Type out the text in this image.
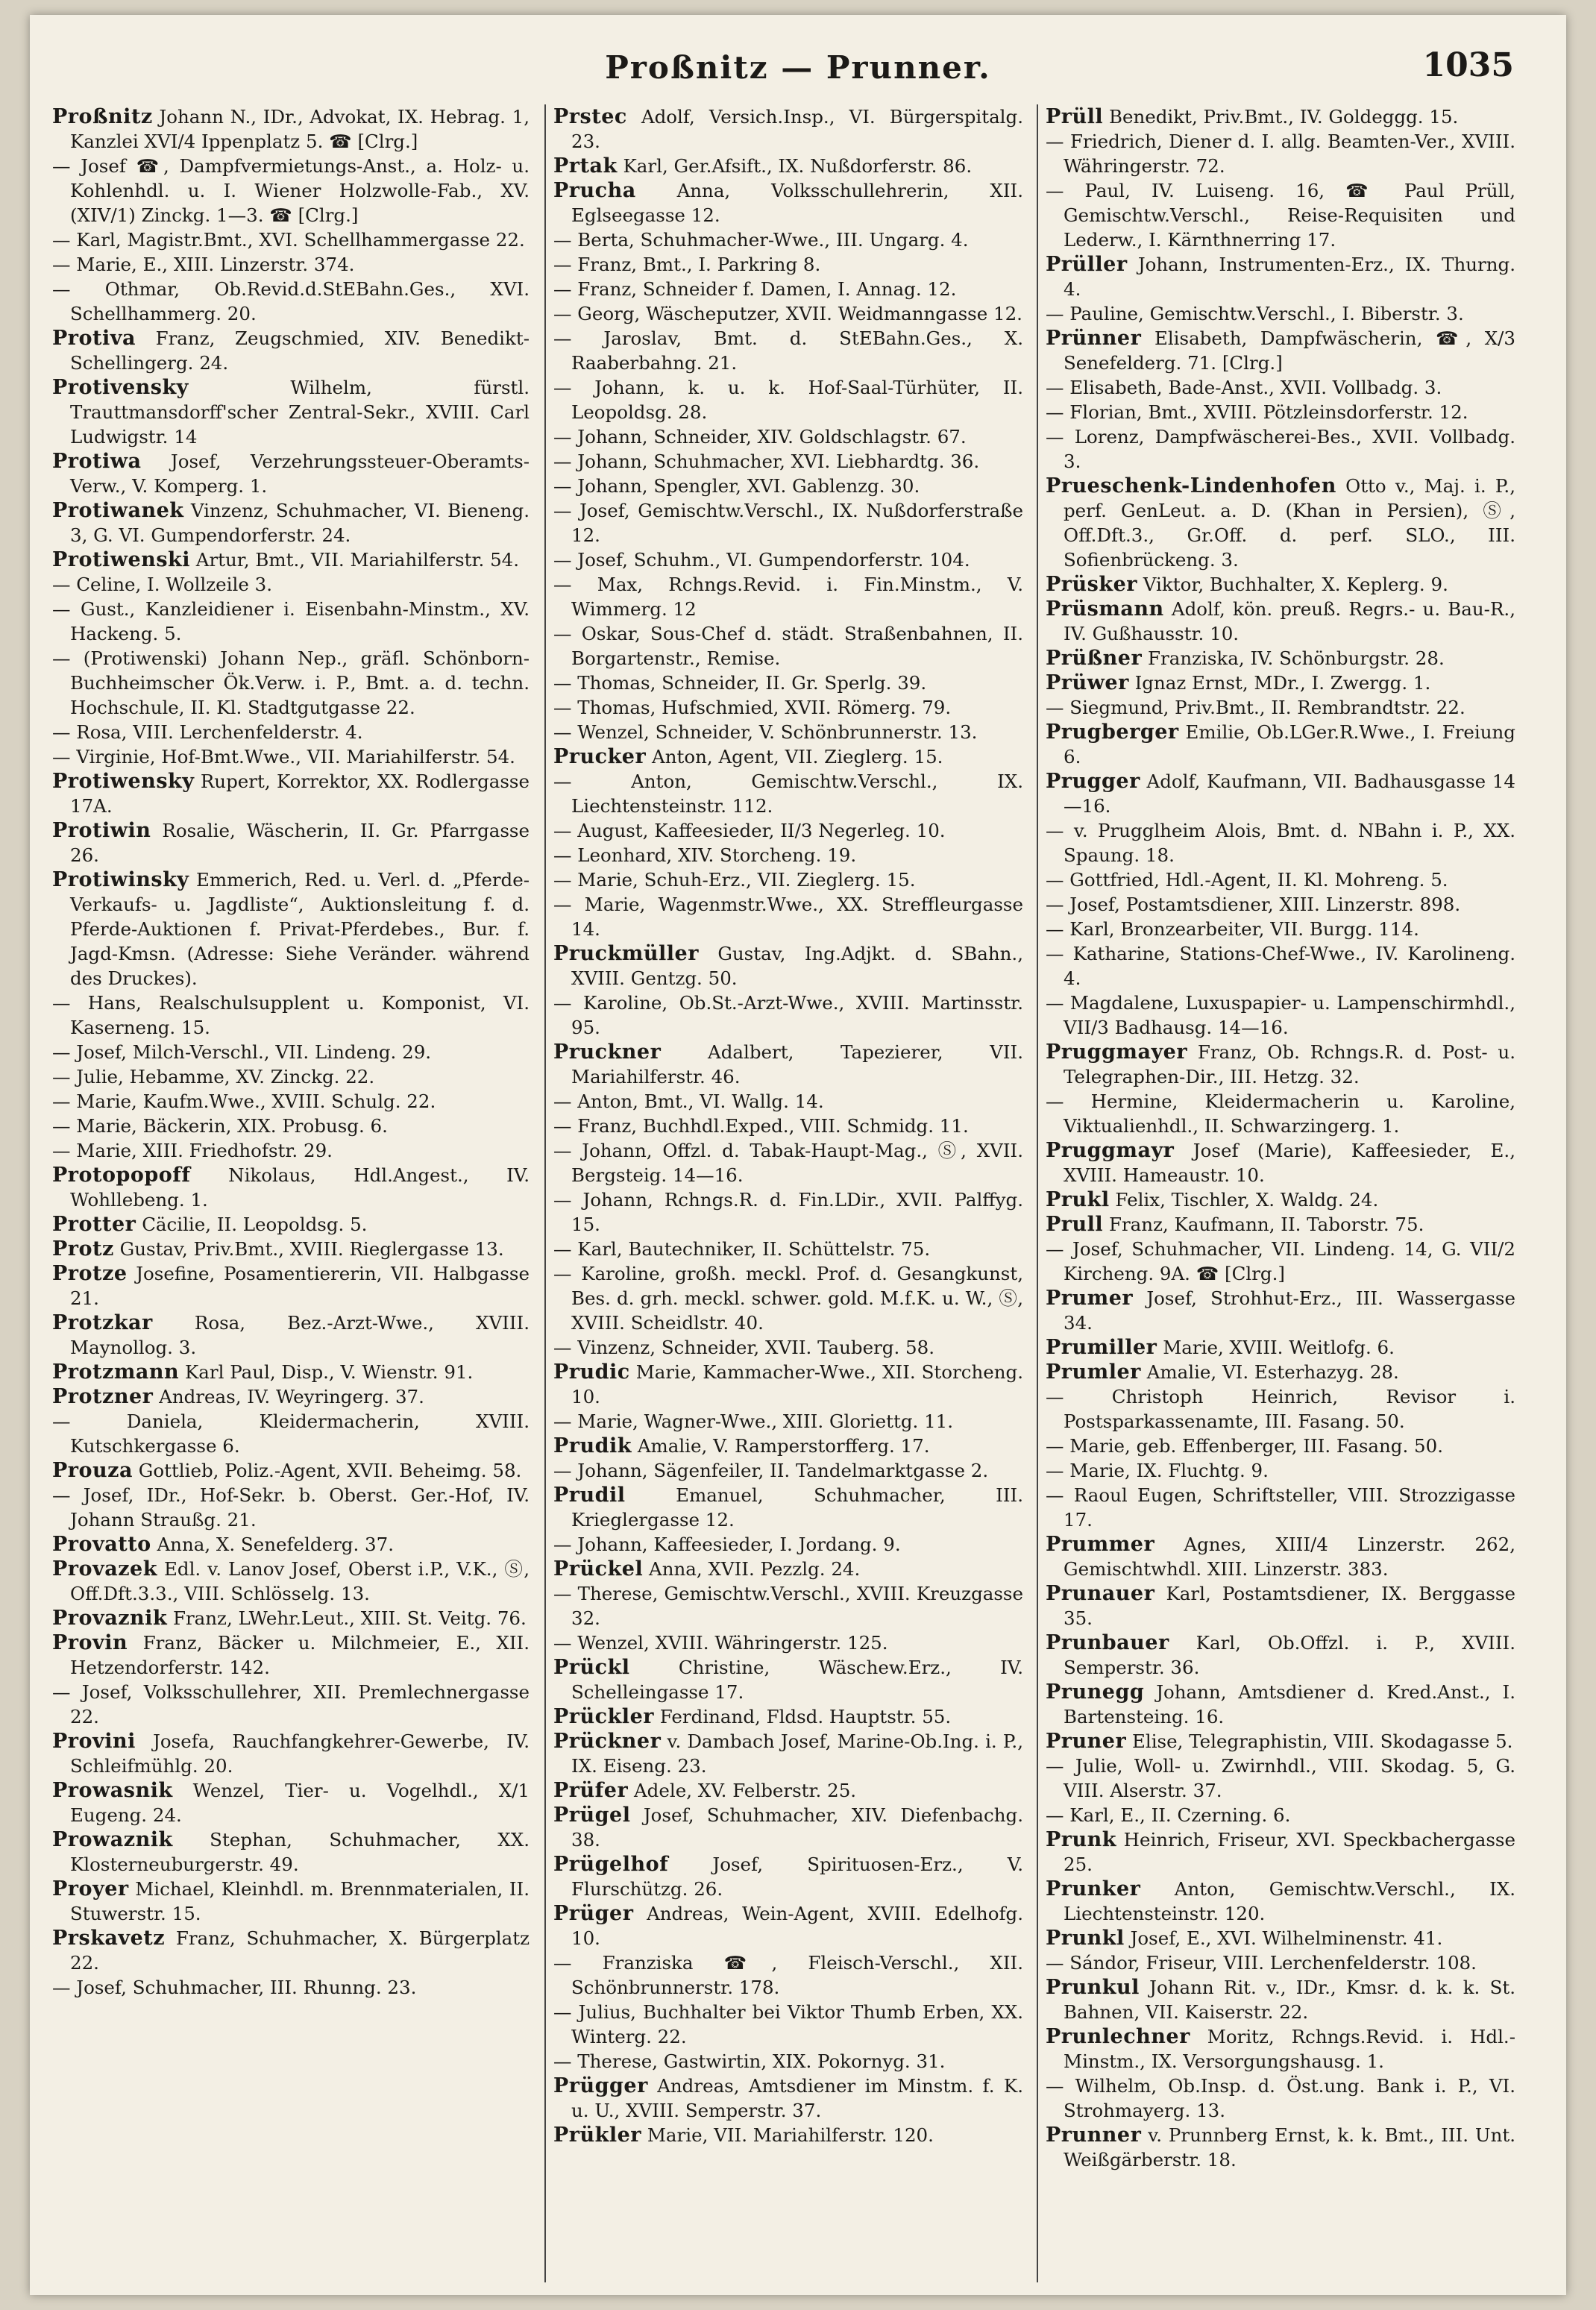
Proßnitz — Prunner.	1035
Proßnitz Johann N., IDr., Advokat, IX. Hebrag. 1, Kanzlei XVI/4 Ippenplatz 5. ☎ [Clrg.]
— Josef ☎, Dampfvermietungs-Anst., a. Holz- u. Kohlenhdl. u. I. Wiener Holzwolle-Fab., XV. (XIV/1) Zinckg. 1—3. ☎ [Clrg.]
— Karl, Magistr.Bmt., XVI. Schellhammergasse 22.
— Marie, E., XIII. Linzerstr. 374.
— Othmar, Ob.Revid.d.StEBahn.Ges., XVI. Schellhammerg. 20.
Protiva Franz, Zeugschmied, XIV. Benedikt-Schellingerg. 24.
Protivensky	Wilhelm, fürstl. Trauttmansdorff'scher Zentral-Sekr., XVIII. Carl Ludwigstr. 14
Protiwa Josef, Verzehrungssteuer-Oberamts-Verw., V. Komperg. 1.
Protiwanek Vinzenz, Schuhmacher, VI. Bieneng. 3, G. VI. Gumpendorferstr. 24.
Protiwenski Artur, Bmt., VII. Mariahilferstr. 54.
— Celine, I. Wollzeile 3.
— Gust., Kanzleidiener i. Eisenbahn-Minstm., XV. Hackeng. 5.
— (Protiwenski) Johann Nep., gräfl. Schönborn-Buchheimscher Ök.Verw. i. P., Bmt. a. d. techn. Hochschule, II. Kl. Stadtgutgasse 22.
— Rosa, VIII. Lerchenfelderstr. 4.
— Virginie, Hof-Bmt.Wwe., VII. Mariahilferstr. 54.
Protiwensky Rupert, Korrektor, XX. Rodlergasse 17A.
Protiwin Rosalie, Wäscherin, II. Gr. Pfarrgasse 26.
Protiwinsky Emmerich, Red. u. Verl. d. „Pferde-Verkaufs- u. Jagdliste“, Auktionsleitung f. d. Pferde-Auktionen f. Privat-Pferdebes., Bur. f. Jagd-Kmsn. (Adresse: Siehe Veränder. während des Druckes).
— Hans, Realschulsupplent u. Komponist, VI. Kaserneng. 15.
— Josef, Milch-Verschl., VII. Lindeng. 29.
— Julie, Hebamme, XV. Zinckg. 22.
— Marie, Kaufm.Wwe., XVIII. Schulg. 22.
— Marie, Bäckerin, XIX. Probusg. 6.
— Marie, XIII. Friedhofstr. 29.
Protopopoff Nikolaus, Hdl.Angest., IV. Wohllebeng. 1.
Protter Cäcilie, II. Leopoldsg. 5.
Protz Gustav, Priv.Bmt., XVIII. Rieglergasse 13.
Protze Josefine, Posamentiererin, VII. Halbgasse 21.
Protzkar Rosa, Bez.-Arzt-Wwe., XVIII. Maynollog. 3.
Protzmann Karl Paul, Disp., V. Wienstr. 91.
Protzner Andreas, IV. Weyringerg. 37.
— Daniela, Kleidermacherin, XVIII. Kutschkergasse 6.
Prouza Gottlieb, Poliz.-Agent, XVII. Beheimg. 58.
— Josef, IDr., Hof-Sekr. b. Oberst. Ger.-Hof, IV. Johann Straußg. 21.
Provatto Anna, X. Senefelderg. 37.
Provazek Edl. v. Lanov Josef, Oberst i.P., V.K., Ⓢ, Off.Dft.3.3., VIII. Schlösselg. 13.
Provaznik Franz, LWehr.Leut., XIII. St. Veitg. 76.
Provin Franz, Bäcker u. Milchmeier, E., XII. Hetzendorferstr. 142.
— Josef, Volksschullehrer, XII. Premlechnergasse 22.
Provini Josefa, Rauchfangkehrer-Gewerbe, IV. Schleifmühlg. 20.
Prowasnik Wenzel, Tier- u. Vogelhdl., X/1 Eugeng. 24.
Prowaznik Stephan, Schuhmacher, XX. Klosterneuburgerstr. 49.
Proyer Michael, Kleinhdl. m. Brennmaterialen, II. Stuwerstr. 15.
Prskavetz Franz, Schuhmacher, X. Bürgerplatz 22.
— Josef, Schuhmacher, III. Rhunng. 23.
Prstec Adolf, Versich.Insp., VI. Bürgerspitalg. 23.
Prtak Karl, Ger.Afsift., IX. Nußdorferstr. 86.
Prucha Anna, Volksschullehrerin, XII. Eglseegasse 12.
— Berta, Schuhmacher-Wwe., III. Ungarg. 4.
— Franz, Bmt., I. Parkring 8.
— Franz, Schneider f. Damen, I. Annag. 12.
— Georg, Wäscheputzer, XVII. Weidmanngasse 12.
— Jaroslav, Bmt. d. StEBahn.Ges., X. Raaberbahng. 21.
— Johann, k. u. k. Hof-Saal-Türhüter, II. Leopoldsg. 28.
— Johann, Schneider, XIV. Goldschlagstr. 67.
— Johann, Schuhmacher, XVI. Liebhardtg. 36.
— Johann, Spengler, XVI. Gablenzg. 30.
— Josef, Gemischtw.Verschl., IX. Nußdorferstraße 12.
— Josef, Schuhm., VI. Gumpendorferstr. 104.
— Max, Rchngs.Revid. i. Fin.Minstm., V. Wimmerg. 12
— Oskar, Sous-Chef d. städt. Straßenbahnen, II. Borgartenstr., Remise.
— Thomas, Schneider, II. Gr. Sperlg. 39.
— Thomas, Hufschmied, XVII. Römerg. 79.
— Wenzel, Schneider, V. Schönbrunnerstr. 13.
Prucker Anton, Agent, VII. Zieglerg. 15.
— Anton, Gemischtw.Verschl., IX. Liechtensteinstr. 112.
— August, Kaffeesieder, II/3 Negerleg. 10.
— Leonhard, XIV. Storcheng. 19.
— Marie, Schuh-Erz., VII. Zieglerg. 15.
— Marie, Wagenmstr.Wwe., XX. Streffleurgasse 14.
Pruckmüller Gustav, Ing.Adjkt. d. SBahn., XVIII. Gentzg. 50.
— Karoline, Ob.St.-Arzt-Wwe., XVIII. Martinsstr. 95.
Pruckner	Adalbert, Tapezierer, VII. Mariahilferstr. 46.
— Anton, Bmt., VI. Wallg. 14.
— Franz, Buchhdl.Exped., VIII. Schmidg. 11.
— Johann, Offzl. d. Tabak-Haupt-Mag., Ⓢ, XVII. Bergsteig. 14—16.
— Johann, Rchngs.R. d. Fin.LDir., XVII. Palffyg. 15.
— Karl, Bautechniker, II. Schüttelstr. 75.
— Karoline, großh. meckl. Prof. d. Gesangkunst, Bes. d. grh. meckl. schwer. gold. M.f.K. u. W., Ⓢ, XVIII. Scheidlstr. 40.
— Vinzenz, Schneider, XVII. Tauberg. 58.
Prudic Marie, Kammacher-Wwe., XII. Storcheng. 10.
— Marie, Wagner-Wwe., XIII. Gloriettg. 11.
Prudik Amalie, V. Ramperstorfferg. 17.
— Johann, Sägenfeiler, II. Tandelmarktgasse 2.
Prudil	Emanuel, Schuhmacher, III. Krieglergasse 12.
— Johann, Kaffeesieder, I. Jordang. 9.
Prückel Anna, XVII. Pezzlg. 24.
— Therese, Gemischtw.Verschl., XVIII. Kreuzgasse 32.
— Wenzel, XVIII. Währingerstr. 125.
Prückl	Christine, Wäschew.Erz., IV. Schelleingasse 17.
Prückler Ferdinand, Fldsd. Hauptstr. 55.
Prückner v. Dambach Josef, Marine-Ob.Ing. i. P., IX. Eiseng. 23.
Prüfer Adele, XV. Felberstr. 25.
Prügel Josef, Schuhmacher, XIV. Diefenbachg. 38.
Prügelhof Josef, Spirituosen-Erz., V. Flurschützg. 26.
Prüger Andreas, Wein-Agent, XVIII. Edelhofg. 10.
— Franziska ☎, Fleisch-Verschl., XII. Schönbrunnerstr. 178.
— Julius, Buchhalter bei Viktor Thumb Erben, XX. Winterg. 22.
— Therese, Gastwirtin, XIX. Pokornyg. 31.
Prügger Andreas, Amtsdiener im Minstm. f. K. u. U., XVIII. Semperstr. 37.
Prükler Marie, VII. Mariahilferstr. 120.
Prüll Benedikt, Priv.Bmt., IV. Goldeggg. 15.
— Friedrich, Diener d. I. allg. Beamten-Ver., XVIII. Währingerstr. 72.
— Paul, IV. Luiseng. 16, ☎ Paul Prüll, Gemischtw.Verschl., Reise-Requisiten und Lederw., I. Kärnthnerring 17.
Prüller Johann, Instrumenten-Erz., IX. Thurng. 4.
— Pauline, Gemischtw.Verschl., I. Biberstr. 3.
Prünner Elisabeth, Dampfwäscherin, ☎, X/3 Senefelderg. 71. [Clrg.]
— Elisabeth, Bade-Anst., XVII. Vollbadg. 3.
— Florian, Bmt., XVIII. Pötzleinsdorferstr. 12.
— Lorenz, Dampfwäscherei-Bes., XVII. Vollbadg. 3.
Prueschenk-Lindenhofen Otto v., Maj. i. P., perf. GenLeut. a. D. (Khan in Persien), Ⓢ, Off.Dft.3., Gr.Off. d. perf. SLO., III. Sofienbrückeng. 3.
Prüsker Viktor, Buchhalter, X. Keplerg. 9.
Prüsmann Adolf, kön. preuß. Regrs.- u. Bau-R., IV. Gußhausstr. 10.
Prüßner Franziska, IV. Schönburgstr. 28.
Prüwer Ignaz Ernst, MDr., I. Zwergg. 1.
— Siegmund, Priv.Bmt., II. Rembrandtstr. 22.
Prugberger Emilie, Ob.LGer.R.Wwe., I. Freiung 6.
Prugger Adolf, Kaufmann, VII. Badhausgasse 14—16.
— v. Prugglheim Alois, Bmt. d. NBahn i. P., XX. Spaung. 18.
— Gottfried, Hdl.-Agent, II. Kl. Mohreng. 5.
— Josef, Postamtsdiener, XIII. Linzerstr. 898.
— Karl, Bronzearbeiter, VII. Burgg. 114.
— Katharine, Stations-Chef-Wwe., IV. Karolineng. 4.
— Magdalene, Luxuspapier- u. Lampenschirmhdl., VII/3 Badhausg. 14—16.
Pruggmayer Franz, Ob. Rchngs.R. d. Post- u. Telegraphen-Dir., III. Hetzg. 32.
— Hermine, Kleidermacherin u. Karoline, Viktualienhdl., II. Schwarzingerg. 1.
Pruggmayr Josef (Marie), Kaffeesieder, E., XVIII. Hameaustr. 10.
Prukl Felix, Tischler, X. Waldg. 24.
Prull Franz, Kaufmann, II. Taborstr. 75.
— Josef, Schuhmacher, VII. Lindeng. 14, G. VII/2 Kircheng. 9A. ☎ [Clrg.]
Prumer Josef, Strohhut-Erz., III. Wassergasse 34.
Prumiller Marie, XVIII. Weitlofg. 6.
Prumler Amalie, VI. Esterhazyg. 28.
— Christoph Heinrich, Revisor i. Postsparkassenamte, III. Fasang. 50.
— Marie, geb. Effenberger, III. Fasang. 50.
— Marie, IX. Fluchtg. 9.
— Raoul Eugen, Schriftsteller, VIII. Strozzigasse 17.
Prummer Agnes, XIII/4 Linzerstr. 262, Gemischtwhdl. XIII. Linzerstr. 383.
Prunauer Karl, Postamtsdiener, IX. Berggasse 35.
Prunbauer Karl, Ob.Offzl. i. P., XVIII. Semperstr. 36.
Prunegg Johann, Amtsdiener d. Kred.Anst., I. Bartensteing. 16.
Pruner Elise, Telegraphistin, VIII. Skodagasse 5.
— Julie, Woll- u. Zwirnhdl., VIII. Skodag. 5, G. VIII. Alserstr. 37.
— Karl, E., II. Czerning. 6.
Prunk Heinrich, Friseur, XVI. Speckbachergasse 25.
Prunker Anton, Gemischtw.Verschl., IX. Liechtensteinstr. 120.
Prunkl Josef, E., XVI. Wilhelminenstr. 41.
— Sándor, Friseur, VIII. Lerchenfelderstr. 108.
Prunkul Johann Rit. v., IDr., Kmsr. d. k. k. St. Bahnen, VII. Kaiserstr. 22.
Prunlechner Moritz, Rchngs.Revid. i. Hdl.-Minstm., IX. Versorgungshausg. 1.
— Wilhelm, Ob.Insp. d. Öst.ung. Bank i. P., VI. Strohmayerg. 13.
Prunner v. Prunnberg Ernst, k. k. Bmt., III. Unt. Weißgärberstr. 18.
